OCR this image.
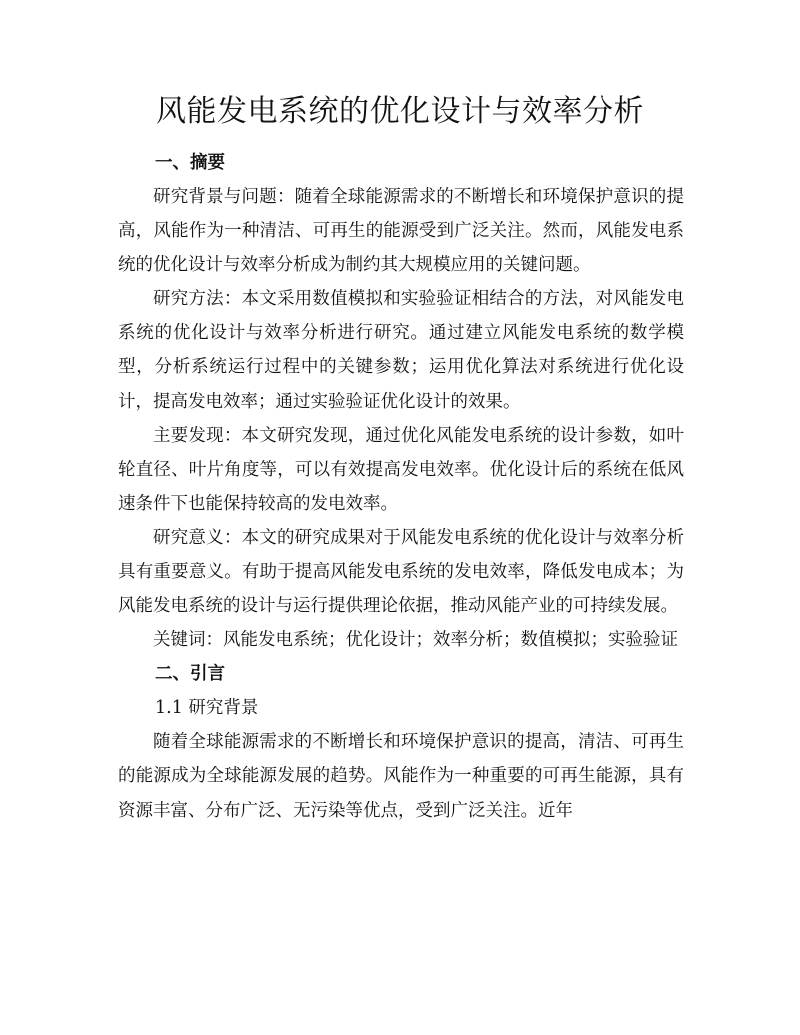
风能发电系统的优化设计与效率分析

一、摘要

研究背景与问题：随着全球能源需求的不断增长和环境保护意识的提高，风能作为一种清洁、可再生的能源受到广泛关注。然而，风能发电系统的优化设计与效率分析成为制约其大规模应用的关键问题。

研究方法：本文采用数值模拟和实验验证相结合的方法，对风能发电系统的优化设计与效率分析进行研究。通过建立风能发电系统的数学模型，分析系统运行过程中的关键参数；运用优化算法对系统进行优化设计，提高发电效率；通过实验验证优化设计的效果。

主要发现：本文研究发现，通过优化风能发电系统的设计参数，如叶轮直径、叶片角度等，可以有效提高发电效率。优化设计后的系统在低风速条件下也能保持较高的发电效率。

研究意义：本文的研究成果对于风能发电系统的优化设计与效率分析具有重要意义。有助于提高风能发电系统的发电效率，降低发电成本；为风能发电系统的设计与运行提供理论依据，推动风能产业的可持续发展。

关键词：风能发电系统；优化设计；效率分析；数值模拟；实验验证

二、引言

1.1 研究背景

随着全球能源需求的不断增长和环境保护意识的提高，清洁、可再生的能源成为全球能源发展的趋势。风能作为一种重要的可再生能源，具有资源丰富、分布广泛、无污染等优点，受到广泛关注。近年
